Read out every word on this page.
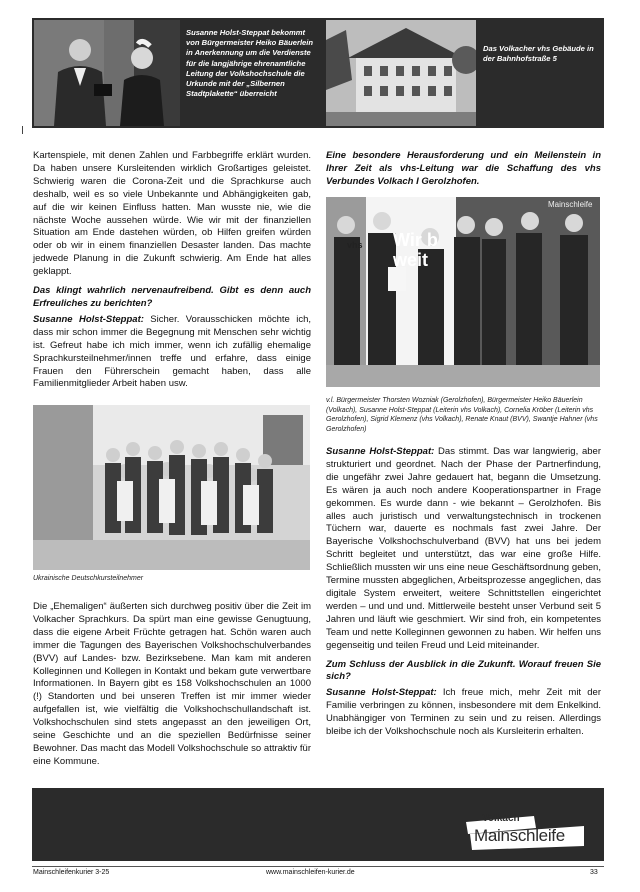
Susanne Holst-Steppat bekommt von Bürgermeister Heiko Bäuerlein in Anerkennung um die Verdienste für die langjährige ehrenamtliche Leitung der Volkshochschule die Urkunde mit der „Silbernen Stadtplakette“ überreicht
Das Volkacher vhs Gebäude in der Bahnhofstraße 5

Kartenspiele, mit denen Zahlen und Farbbegriffe erklärt wurden. Da haben unsere Kursleitenden wirklich Großartiges geleistet. Schwierig waren die Corona-Zeit und die Sprachkurse auch deshalb, weil es so viele Unbekannte und Abhängigkeiten gab, auf die wir keinen Einfluss hatten. Man wusste nie, wie die nächste Woche aussehen würde. Wie wir mit der finanziellen Situation am Ende dastehen würden, ob Hilfen greifen würden oder ob wir in einem finanziellen Desaster landen. Das machte jedwede Planung in die Zukunft schwierig. Am Ende hat alles geklappt.

Das klingt wahrlich nervenaufreibend. Gibt es denn auch Erfreuliches zu berichten?

Susanne Holst-Steppat: Sicher. Vorausschicken möchte ich, dass mir schon immer die Begegnung mit Menschen sehr wichtig ist. Gefreut habe ich mich immer, wenn ich zufällig ehemalige Sprachkursteilnehmer/innen treffe und erfahre, dass einige Frauen den Führerschein gemacht haben, dass alle Familienmitglieder Arbeit haben usw.

Ukrainische Deutschkursteilnehmer

Die „Ehemaligen“ äußerten sich durchweg positiv über die Zeit im Volkacher Sprachkurs. Da spürt man eine gewisse Genugtuung, dass die eigene Arbeit Früchte getragen hat. Schön waren auch immer die Tagungen des Bayerischen Volkshochschulverbandes (BVV) auf Landes- bzw. Bezirksebene. Man kam mit anderen Kolleginnen und Kollegen in Kontakt und bekam gute verwertbare Informationen. In Bayern gibt es 158 Volkshochschulen an 1000 (!) Standorten und bei unseren Treffen ist mir immer wieder aufgefallen ist, wie vielfältig die Volkshochschullandschaft ist. Volkshochschulen sind stets angepasst an den jeweiligen Ort, seine Geschichte und an die speziellen Bedürfnisse seiner Bewohner. Das macht das Modell Volkshochschule so attraktiv für eine Kommune.

Eine besondere Herausforderung und ein Meilenstein in Ihrer Zeit als vhs-Leitung war die Schaffung des vhs Verbundes Volkach I Gerolzhofen.

Mainschleife
Wir b
weit
vhs
v.l. Bürgermeister Thorsten Wozniak (Gerolzhofen), Bürgermeister Heiko Bäuerlein (Volkach), Susanne Holst-Steppat (Leiterin vhs Volkach), Cornelia Kröber (Leiterin vhs Gerolzhofen), Sigrid Klemenz (vhs Volkach), Renate Knaut (BVV), Swantje Hahner (vhs Gerolzhofen)

Susanne Holst-Steppat: Das stimmt. Das war langwierig, aber strukturiert und geordnet. Nach der Phase der Partnerfindung, die ungefähr zwei Jahre gedauert hat, begann die Umsetzung. Es wären ja auch noch andere Kooperationspartner in Frage gekommen. Es wurde dann - wie bekannt – Gerolzhofen. Bis alles auch juristisch und verwaltungstechnisch in trockenen Tüchern war, dauerte es nochmals fast zwei Jahre. Der Bayerische Volkshochschulverband (BVV) hat uns bei jedem Schritt begleitet und unterstützt, das war eine große Hilfe. Schließlich mussten wir uns eine neue Geschäftsordnung geben, Termine mussten abgeglichen, Arbeitsprozesse angeglichen, das digitale System erweitert, weitere Schnittstellen eingerichtet werden – und und und. Mittlerweile besteht unser Verbund seit 5 Jahren und läuft wie geschmiert. Wir sind froh, ein kompetentes Team und nette Kolleginnen gewonnen zu haben. Wir helfen uns gegenseitig und teilen Freud und Leid miteinander.

Zum Schluss der Ausblick in die Zukunft. Worauf freuen Sie sich?

Susanne Holst-Steppat: Ich freue mich, mehr Zeit mit der Familie verbringen zu können, insbesondere mit dem Enkelkind. Unabhängiger von Terminen zu sein und zu reisen. Allerdings bleibe ich der Volkshochschule noch als Kursleiterin erhalten.

Volkach
Mainschleife
Mainschleifenkurier 3-25	www.mainschleifen-kurier.de	33
